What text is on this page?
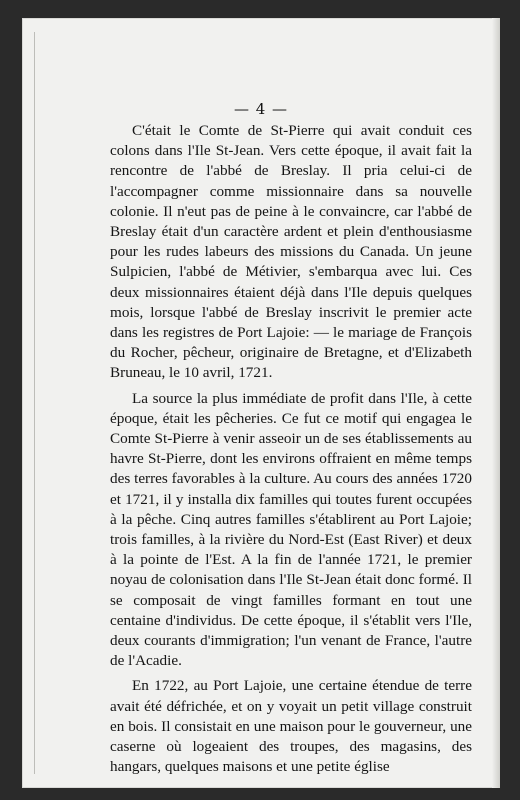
— 4 —

C'était le Comte de St-Pierre qui avait conduit ces colons dans l'Ile St-Jean. Vers cette époque, il avait fait la rencontre de l'abbé de Breslay. Il pria celui-ci de l'accompagner comme missionnaire dans sa nouvelle colonie. Il n'eut pas de peine à le convaincre, car l'abbé de Breslay était d'un caractère ardent et plein d'enthousiasme pour les rudes labeurs des missions du Canada. Un jeune Sulpicien, l'abbé de Métivier, s'embarqua avec lui. Ces deux missionnaires étaient déjà dans l'Ile depuis quelques mois, lorsque l'abbé de Breslay inscrivit le premier acte dans les registres de Port Lajoie: — le mariage de François du Rocher, pêcheur, originaire de Bretagne, et d'Elizabeth Bruneau, le 10 avril, 1721.

La source la plus immédiate de profit dans l'Ile, à cette époque, était les pêcheries. Ce fut ce motif qui engagea le Comte St-Pierre à venir asseoir un de ses établissements au havre St-Pierre, dont les environs offraient en même temps des terres favorables à la culture. Au cours des années 1720 et 1721, il y installa dix familles qui toutes furent occupées à la pêche. Cinq autres familles s'établirent au Port Lajoie; trois familles, à la rivière du Nord-Est (East River) et deux à la pointe de l'Est. A la fin de l'année 1721, le premier noyau de colonisation dans l'Ile St-Jean était donc formé. Il se composait de vingt familles formant en tout une centaine d'individus. De cette époque, il s'établit vers l'Ile, deux courants d'immigration; l'un venant de France, l'autre de l'Acadie.

En 1722, au Port Lajoie, une certaine étendue de terre avait été défrichée, et on y voyait un petit village construit en bois. Il consistait en une maison pour le gouverneur, une caserne où logeaient des troupes, des magasins, des hangars, quelques maisons et une petite église
